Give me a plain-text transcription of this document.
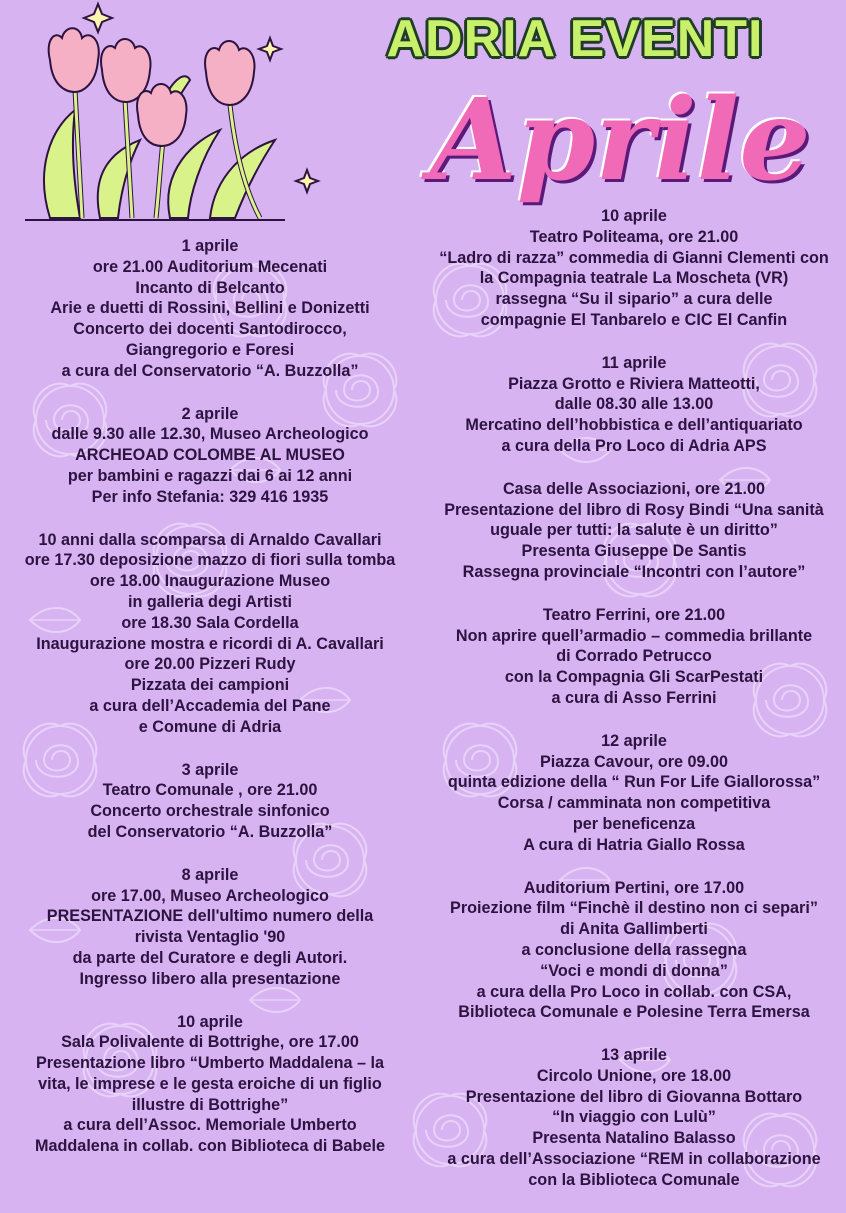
ADRIA EVENTI
Aprile
1 aprile
ore 21.00 Auditorium Mecenati
Incanto di Belcanto
Arie e duetti di Rossini, Bellini e Donizetti
Concerto dei docenti Santodirocco,
Giangregorio e Foresi
a cura del Conservatorio “A. Buzzolla”
2 aprile
dalle 9.30 alle 12.30, Museo Archeologico
ARCHEOAD COLOMBE AL MUSEO
per bambini e ragazzi dai 6 ai 12 anni
Per info Stefania: 329 416 1935
10 anni dalla scomparsa di Arnaldo Cavallari
ore 17.30 deposizione mazzo di fiori sulla tomba
ore 18.00 Inaugurazione Museo
in galleria degi Artisti
ore 18.30 Sala Cordella
Inaugurazione mostra e ricordi di A. Cavallari
ore 20.00 Pizzeri Rudy
Pizzata dei campioni
a cura dell’Accademia del Pane
e Comune di Adria
3 aprile
Teatro Comunale , ore 21.00
Concerto orchestrale sinfonico
del Conservatorio “A. Buzzolla”
8 aprile
ore 17.00, Museo Archeologico
PRESENTAZIONE dell'ultimo numero della
rivista Ventaglio '90
da parte del Curatore e degli Autori.
Ingresso libero alla presentazione
10 aprile
Sala Polivalente di Bottrighe, ore 17.00
Presentazione libro “Umberto Maddalena – la
vita, le imprese e le gesta eroiche di un figlio
illustre di Bottrighe”
a cura dell’Assoc. Memoriale Umberto
Maddalena in collab. con Biblioteca di Babele
10 aprile
Teatro Politeama, ore 21.00
“Ladro di razza” commedia di Gianni Clementi con
la Compagnia teatrale La Moscheta (VR)
rassegna “Su il sipario” a cura delle
compagnie El Tanbarelo e CIC El Canfin
11 aprile
Piazza Grotto e Riviera Matteotti,
dalle 08.30 alle 13.00
Mercatino dell’hobbistica e dell’antiquariato
a cura della Pro Loco di Adria APS
Casa delle Associazioni, ore 21.00
Presentazione del libro di Rosy Bindi “Una sanità
uguale per tutti: la salute è un diritto”
Presenta Giuseppe De Santis
Rassegna provinciale “Incontri con l’autore”
Teatro Ferrini, ore 21.00
Non aprire quell’armadio – commedia brillante
di Corrado Petrucco
con la Compagnia Gli ScarPestati
a cura di Asso Ferrini
12 aprile
Piazza Cavour, ore 09.00
quinta edizione della “ Run For Life Giallorossa”
Corsa / camminata non competitiva
per beneficenza
A cura di Hatria Giallo Rossa
Auditorium Pertini, ore 17.00
Proiezione film “Finchè il destino non ci separi”
di Anita Gallimberti
a conclusione della rassegna
“Voci e mondi di donna”
a cura della Pro Loco in collab. con CSA,
Biblioteca Comunale e Polesine Terra Emersa
13 aprile
Circolo Unione, ore 18.00
Presentazione del libro di Giovanna Bottaro
“In viaggio con Lulù”
Presenta Natalino Balasso
a cura dell’Associazione “REM in collaborazione
con la Biblioteca Comunale
